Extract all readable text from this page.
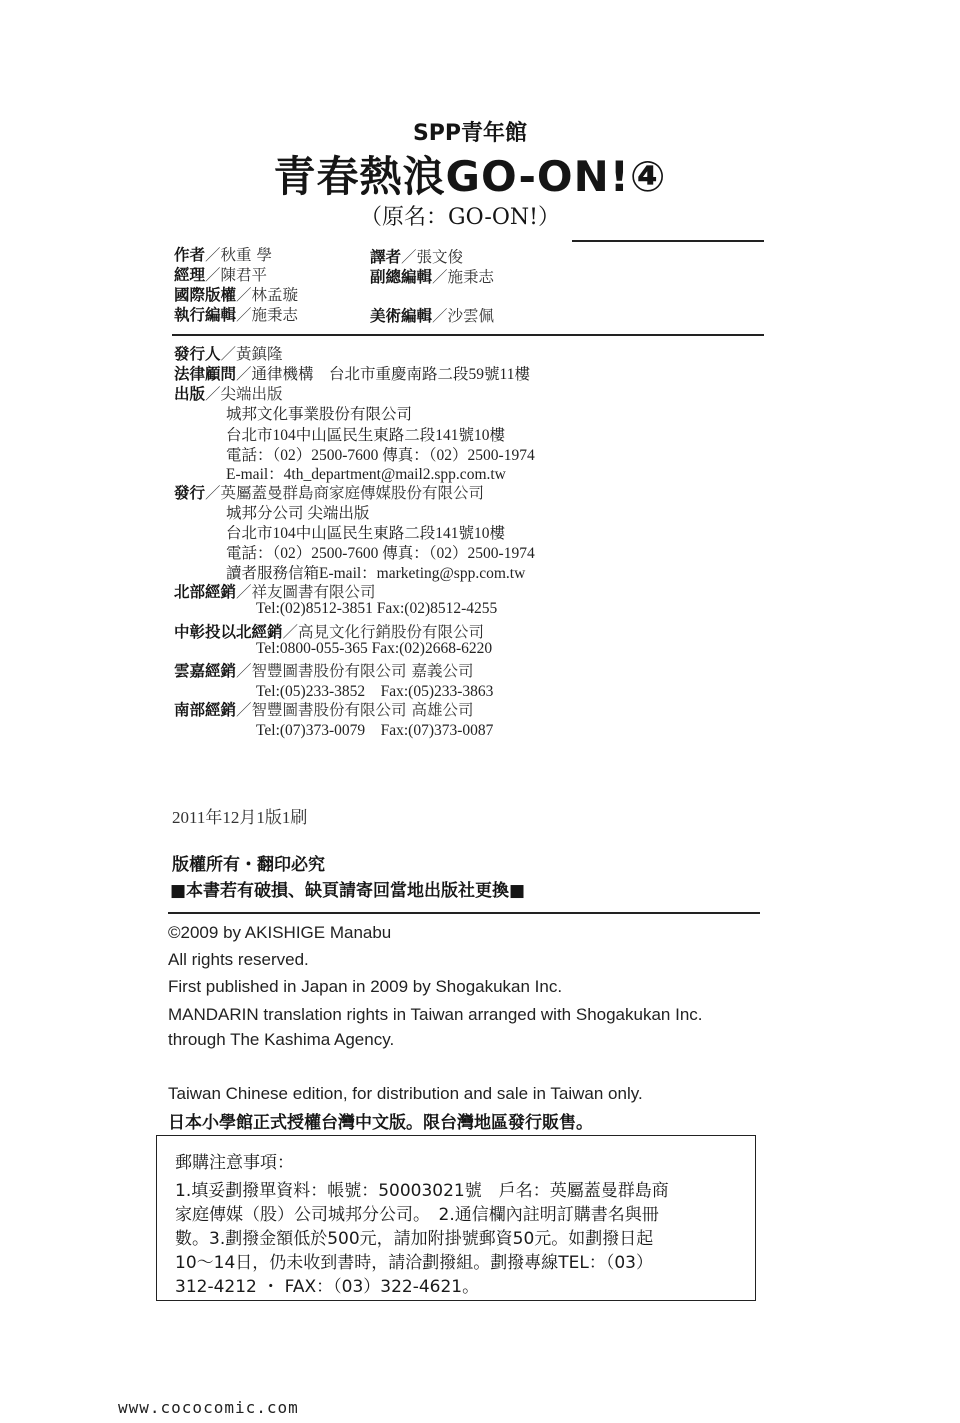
SPP青年館
青春熱浪GO-ON!④
（原名：GO-ON!）
作者／秋重 學
經理／陳君平
國際版權／林孟璇
執行編輯／施秉志
譯者／張文俊
副總編輯／施秉志
美術編輯／沙雲佩
發行人／黃鎮隆
法律顧問／通律機構　台北市重慶南路二段59號11樓
出版／尖端出版
城邦文化事業股份有限公司
台北市104中山區民生東路二段141號10樓
電話：（02）2500-7600 傳真：（02）2500-1974
E-mail：4th_department@mail2.spp.com.tw
發行／英屬蓋曼群島商家庭傳媒股份有限公司
城邦分公司 尖端出版
台北市104中山區民生東路二段141號10樓
電話：（02）2500-7600 傳真：（02）2500-1974
讀者服務信箱E-mail：marketing@spp.com.tw
北部經銷／祥友圖書有限公司
Tel:(02)8512-3851 Fax:(02)8512-4255
中彰投以北經銷／高見文化行銷股份有限公司
Tel:0800-055-365 Fax:(02)2668-6220
雲嘉經銷／智豐圖書股份有限公司 嘉義公司
Tel:(05)233-3852　Fax:(05)233-3863
南部經銷／智豐圖書股份有限公司 高雄公司
Tel:(07)373-0079　Fax:(07)373-0087
2011年12月1版1刷
版權所有・翻印必究
■本書若有破損、缺頁請寄回當地出版社更換■
©2009 by AKISHIGE Manabu
All rights reserved.
First published in Japan in 2009 by Shogakukan Inc.
MANDARIN translation rights in Taiwan arranged with Shogakukan Inc.
through The Kashima Agency.
Taiwan Chinese edition, for distribution and sale in Taiwan only.
日本小學館正式授權台灣中文版。限台灣地區發行販售。
郵購注意事項：
1.填妥劃撥單資料：帳號：50003021號　戶名：英屬蓋曼群島商
家庭傳媒（股）公司城邦分公司。　2.通信欄內註明訂購書名與冊
數。3.劃撥金額低於500元，請加附掛號郵資50元。如劃撥日起
10～14日，仍未收到書時，請洽劃撥組。劃撥專線TEL：（03）
312-4212 ・ FAX：（03）322-4621。
www.cococomic.com
